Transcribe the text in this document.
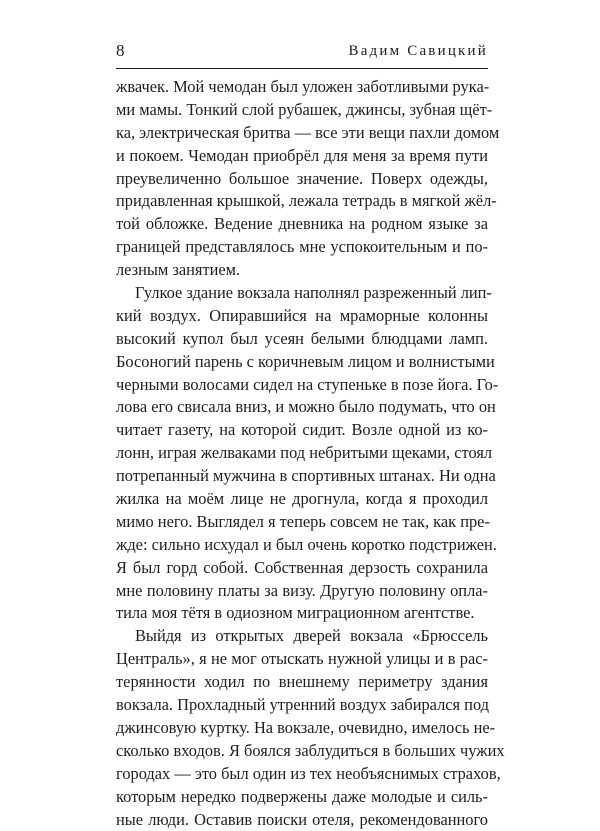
8	Вадим Савицкий
жвачек. Мой чемодан был уложен заботливыми рука-
ми мамы. Тонкий слой рубашек, джинсы, зубная щёт-
ка, электрическая бритва — все эти вещи пахли домом
и покоем. Чемодан приобрёл для меня за время пути
преувеличенно большое значение. Поверх одежды,
придавленная крышкой, лежала тетрадь в мягкой жёл-
той обложке. Ведение дневника на родном языке за
границей представлялось мне успокоительным и по-
лезным занятием.
Гулкое здание вокзала наполнял разреженный лип-
кий воздух. Опиравшийся на мраморные колонны
высокий купол был усеян белыми блюдцами ламп.
Босоногий парень с коричневым лицом и волнистыми
черными волосами сидел на ступеньке в позе йога. Го-
лова его свисала вниз, и можно было подумать, что он
читает газету, на которой сидит. Возле одной из ко-
лонн, играя желваками под небритыми щеками, стоял
потрепанный мужчина в спортивных штанах. Ни одна
жилка на моём лице не дрогнула, когда я проходил
мимо него. Выглядел я теперь совсем не так, как пре-
жде: сильно исхудал и был очень коротко подстрижен.
Я был горд собой. Собственная дерзость сохранила
мне половину платы за визу. Другую половину опла-
тила моя тётя в одиозном миграционном агентстве.
Выйдя из открытых дверей вокзала «Брюссель
Централь», я не мог отыскать нужной улицы и в рас-
терянности ходил по внешнему периметру здания
вокзала. Прохладный утренний воздух забирался под
джинсовую куртку. На вокзале, очевидно, имелось не-
сколько входов. Я боялся заблудиться в больших чужих
городах — это был один из тех необъяснимых страхов,
которым нередко подвержены даже молодые и силь-
ные люди. Оставив поиски отеля, рекомендованного
